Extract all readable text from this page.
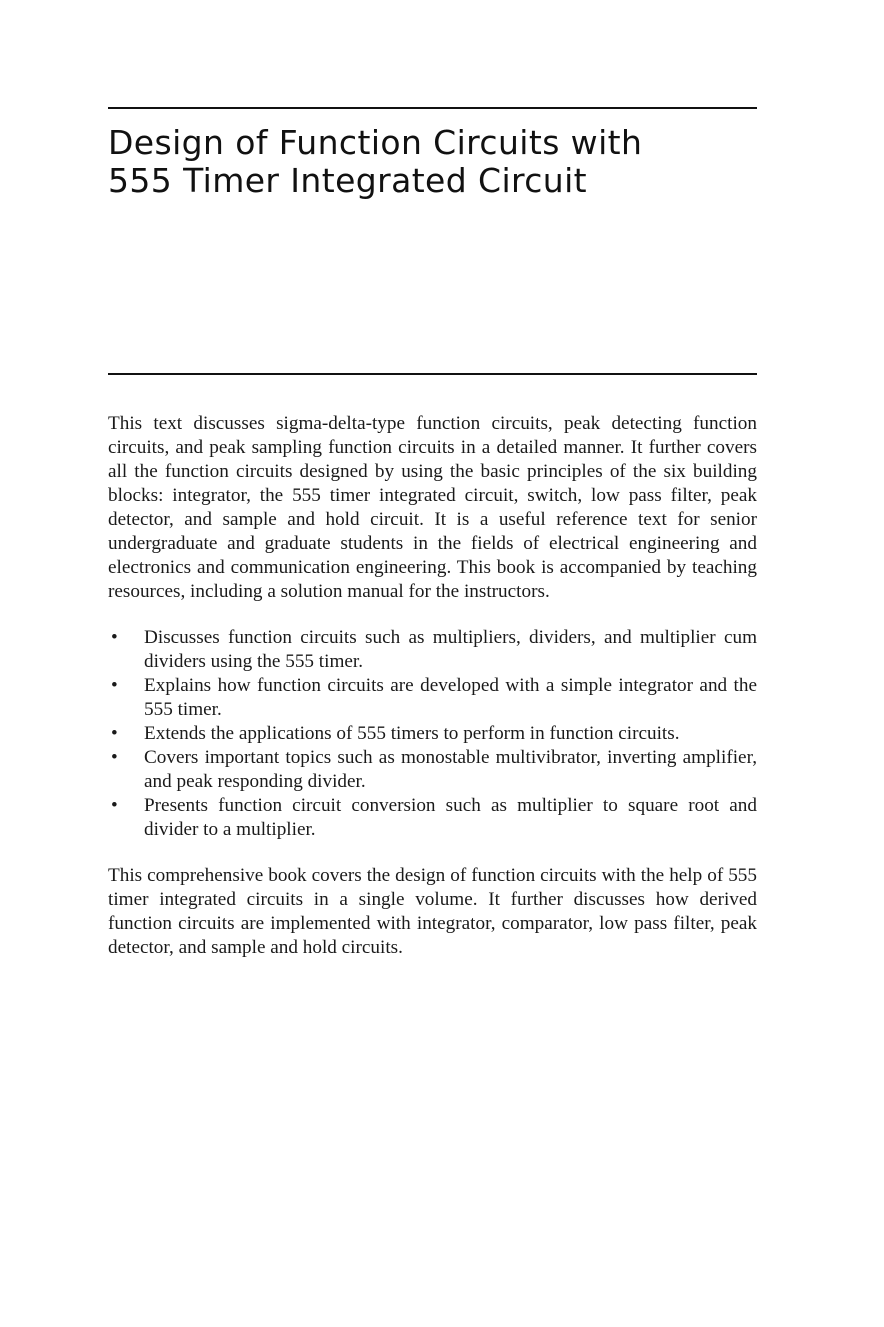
Design of Function Circuits with
555 Timer Integrated Circuit

This text discusses sigma-delta-type function circuits, peak detecting function circuits, and peak sampling function circuits in a detailed manner. It further covers all the function circuits designed by using the basic principles of the six building blocks: integrator, the 555 timer integrated circuit, switch, low pass filter, peak detector, and sample and hold circuit. It is a useful reference text for senior undergraduate and graduate students in the fields of electrical engineering and electronics and communication engineering. This book is accompanied by teaching resources, including a solution manual for the instructors.

• Discusses function circuits such as multipliers, dividers, and multiplier cum dividers using the 555 timer.
• Explains how function circuits are developed with a simple integrator and the 555 timer.
• Extends the applications of 555 timers to perform in function circuits.
• Covers important topics such as monostable multivibrator, inverting amplifier, and peak responding divider.
• Presents function circuit conversion such as multiplier to square root and divider to a multiplier.

This comprehensive book covers the design of function circuits with the help of 555 timer integrated circuits in a single volume. It further discusses how derived function circuits are implemented with integrator, comparator, low pass filter, peak detector, and sample and hold circuits.
